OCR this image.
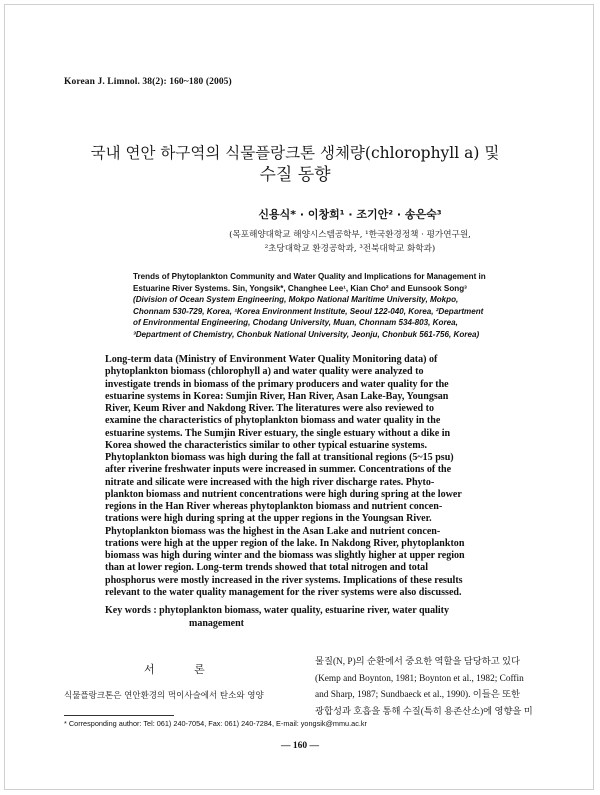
Korean J. Limnol. 38(2): 160~180 (2005)
국내 연안 하구역의 식물플랑크톤 생체량(chlorophyll a) 및
수질 동향
신용식* · 이창희¹ · 조기안² · 송은숙³
(목포해양대학교 해양시스템공학부, ¹한국환경정책 · 평가연구원,
²초당대학교 환경공학과, ³전북대학교 화학과)
Trends of Phytoplankton Community and Water Quality and Implications for Management in
Estuarine River Systems. Sin, Yongsik*, Changhee Lee¹, Kian Cho² and Eunsook Song³
(Division of Ocean System Engineering, Mokpo National Maritime University, Mokpo,
Chonnam 530-729, Korea, ¹Korea Environment Institute, Seoul 122-040, Korea, ²Department
of Environmental Engineering, Chodang University, Muan, Chonnam 534-803, Korea,
³Department of Chemistry, Chonbuk National University, Jeonju, Chonbuk 561-756, Korea)
Long-term data (Ministry of Environment Water Quality Monitoring data) of
phytoplankton biomass (chlorophyll a) and water quality were analyzed to
investigate trends in biomass of the primary producers and water quality for the
estuarine systems in Korea: Sumjin River, Han River, Asan Lake-Bay, Youngsan
River, Keum River and Nakdong River. The literatures were also reviewed to
examine the characteristics of phytoplankton biomass and water quality in the
estuarine systems. The Sumjin River estuary, the single estuary without a dike in
Korea showed the characteristics similar to other typical estuarine systems.
Phytoplankton biomass was high during the fall at transitional regions (5~15 psu)
after riverine freshwater inputs were increased in summer. Concentrations of the
nitrate and silicate were increased with the high river discharge rates. Phyto-
plankton biomass and nutrient concentrations were high during spring at the lower
regions in the Han River whereas phytoplankton biomass and nutrient concen-
trations were high during spring at the upper regions in the Youngsan River.
Phytoplankton biomass was the highest in the Asan Lake and nutrient concen-
trations were high at the upper region of the lake. In Nakdong River, phytoplankton
biomass was high during winter and the biomass was slightly higher at upper region
than at lower region. Long-term trends showed that total nitrogen and total
phosphorus were mostly increased in the river systems. Implications of these results
relevant to the water quality management for the river systems were also discussed.
Key words : phytoplankton biomass, water quality, estuarine river, water quality
management
서 론
식물플랑크톤은 연안환경의 먹이사슬에서 탄소와 영양
물질(N, P)의 순환에서 중요한 역할을 담당하고 있다
(Kemp and Boynton, 1981; Boynton et al., 1982; Coffin
and Sharp, 1987; Sundbaeck et al., 1990). 이들은 또한
광합성과 호흡을 통해 수질(특히 용존산소)에 영향을 미
* Corresponding author: Tel: 061) 240-7054, Fax: 061) 240-7284, E-mail: yongsik@mmu.ac.kr
— 160 —
